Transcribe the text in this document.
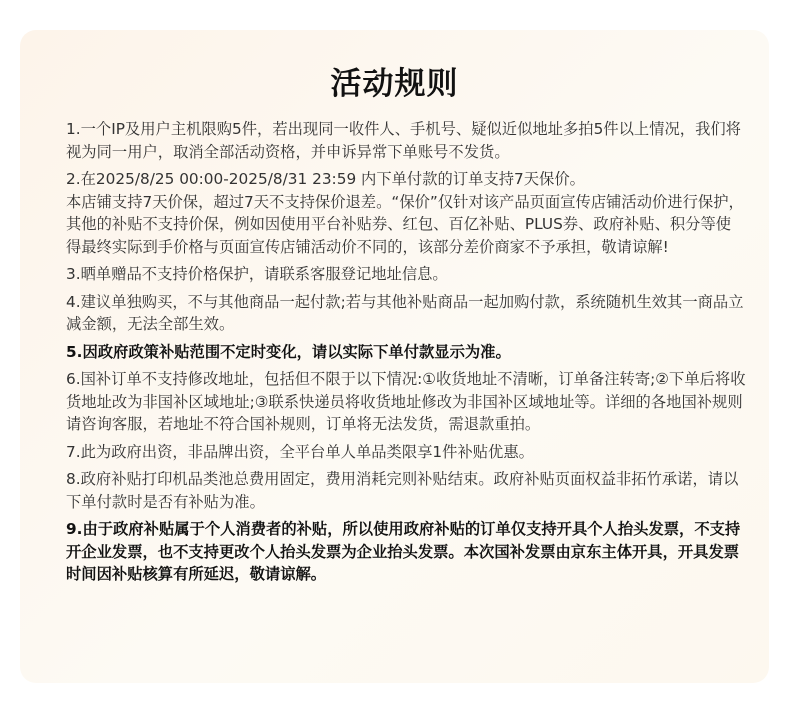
活动规则
1.一个IP及用户主机限购5件，若出现同一收件人、手机号、疑似近似地址多拍5件以上情况，我们将视为同一用户，取消全部活动资格，并申诉异常下单账号不发货。
2.在2025/8/25 00:00-2025/8/31 23:59 内下单付款的订单支持7天保价。
本店铺支持7天价保，超过7天不支持保价退差。“保价”仅针对该产品页面宣传店铺活动价进行保护，其他的补贴不支持价保，例如因使用平台补贴券、红包、百亿补贴、PLUS券、政府补贴、积分等使得最终实际到手价格与页面宣传店铺活动价不同的，该部分差价商家不予承担，敬请谅解!
3.晒单赠品不支持价格保护，请联系客服登记地址信息。
4.建议单独购买，不与其他商品一起付款;若与其他补贴商品一起加购付款，系统随机生效其一商品立减金额，无法全部生效。
5.因政府政策补贴范围不定时变化，请以实际下单付款显示为准。
6.国补订单不支持修改地址，包括但不限于以下情况:①收货地址不清晰，订单备注转寄;②下单后将收货地址改为非国补区域地址;③联系快递员将收货地址修改为非国补区域地址等。详细的各地国补规则请咨询客服，若地址不符合国补规则，订单将无法发货，需退款重拍。
7.此为政府出资，非品牌出资，全平台单人单品类限享1件补贴优惠。
8.政府补贴打印机品类池总费用固定，费用消耗完则补贴结束。政府补贴页面权益非拓竹承诺，请以下单付款时是否有补贴为准。
9.由于政府补贴属于个人消费者的补贴，所以使用政府补贴的订单仅支持开具个人抬头发票，不支持开企业发票，也不支持更改个人抬头发票为企业抬头发票。本次国补发票由京东主体开具，开具发票时间因补贴核算有所延迟，敬请谅解。
